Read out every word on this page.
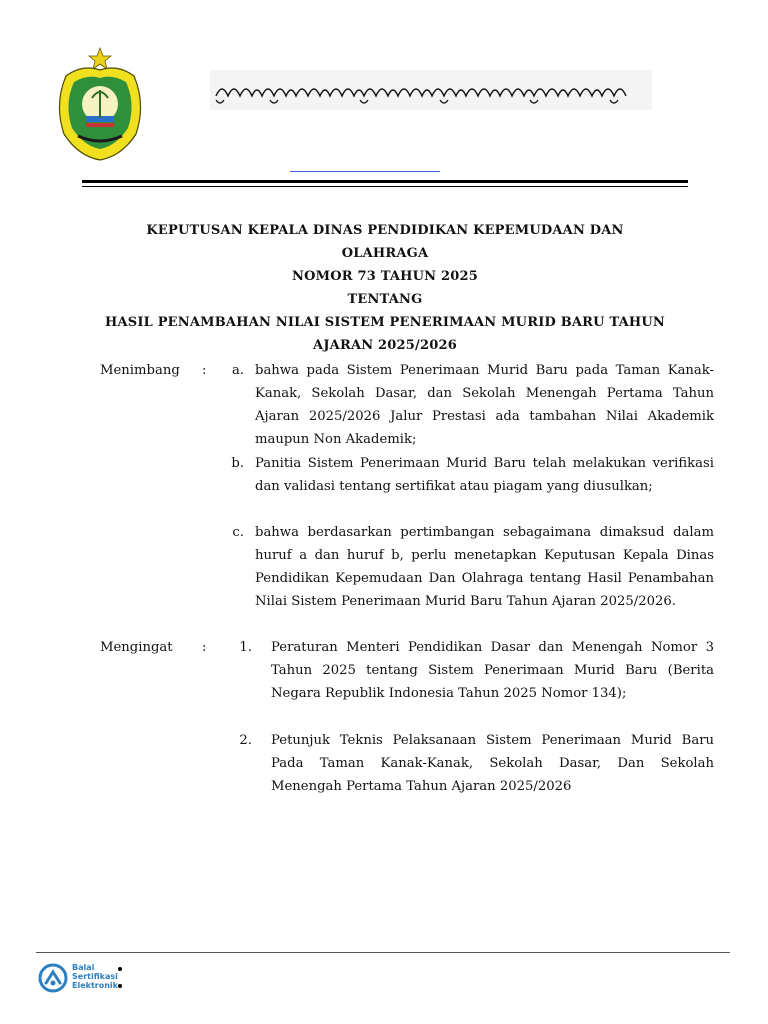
KEPUTUSAN KEPALA DINAS PENDIDIKAN KEPEMUDAAN DAN
OLAHRAGA
NOMOR 73 TAHUN 2025
TENTANG
HASIL PENAMBAHAN NILAI SISTEM PENERIMAAN MURID BARU TAHUN
AJARAN 2025/2026
Menimbang :	a. bahwa pada Sistem Penerimaan Murid Baru pada Taman Kanak-Kanak, Sekolah Dasar, dan Sekolah Menengah Pertama Tahun Ajaran 2025/2026 Jalur Prestasi ada tambahan Nilai Akademik maupun Non Akademik;
b. Panitia Sistem Penerimaan Murid Baru telah melakukan verifikasi dan validasi tentang sertifikat atau piagam yang diusulkan;
c. bahwa berdasarkan pertimbangan sebagaimana dimaksud dalam huruf a dan huruf b, perlu menetapkan Keputusan Kepala Dinas Pendidikan Kepemudaan Dan Olahraga tentang Hasil Penambahan Nilai Sistem Penerimaan Murid Baru Tahun Ajaran 2025/2026.
Mengingat :	1. Peraturan Menteri Pendidikan Dasar dan Menengah Nomor 3 Tahun 2025 tentang Sistem Penerimaan Murid Baru (Berita Negara Republik Indonesia Tahun 2025 Nomor 134);
2. Petunjuk Teknis Pelaksanaan Sistem Penerimaan Murid Baru Pada Taman Kanak-Kanak, Sekolah Dasar, Dan Sekolah Menengah Pertama Tahun Ajaran 2025/2026
Balai
Sertifikasi
Elektronik
